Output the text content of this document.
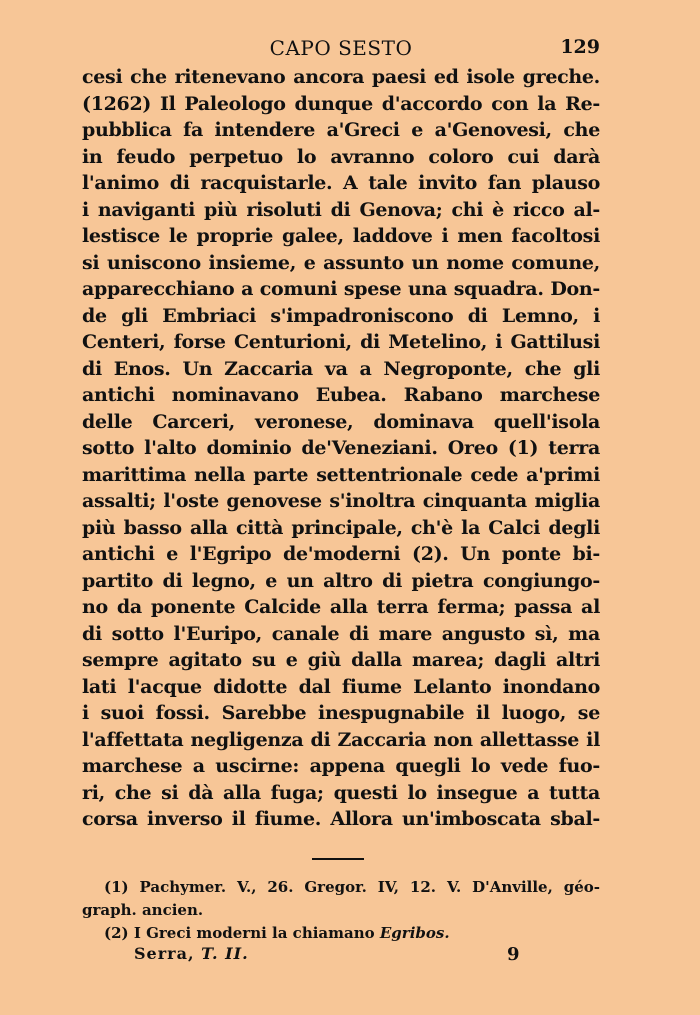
CAPO SESTO	129
cesi che ritenevano ancora paesi ed isole greche.
(1262) Il Paleologo dunque d'accordo con la Re-
pubblica fa intendere a'Greci e a'Genovesi, che
in feudo perpetuo lo avranno coloro cui darà
l'animo di racquistarle. A tale invito fan plauso
i naviganti più risoluti di Genova; chi è ricco al-
lestisce le proprie galee, laddove i men facoltosi
si uniscono insieme, e assunto un nome comune,
apparecchiano a comuni spese una squadra. Don-
de gli Embriaci s'impadroniscono di Lemno, i
Centeri, forse Centurioni, di Metelino, i Gattilusi
di Enos. Un Zaccaria va a Negroponte, che gli
antichi nominavano Eubea. Rabano marchese
delle Carceri, veronese, dominava quell'isola
sotto l'alto dominio de'Veneziani. Oreo (1) terra
marittima nella parte settentrionale cede a'primi
assalti; l'oste genovese s'inoltra cinquanta miglia
più basso alla città principale, ch'è la Calci degli
antichi e l'Egripo de'moderni (2). Un ponte bi-
partito di legno, e un altro di pietra congiungo-
no da ponente Calcide alla terra ferma; passa al
di sotto l'Euripo, canale di mare angusto sì, ma
sempre agitato su e giù dalla marea; dagli altri
lati l'acque didotte dal fiume Lelanto inondano
i suoi fossi. Sarebbe inespugnabile il luogo, se
l'affettata negligenza di Zaccaria non allettasse il
marchese a uscirne: appena quegli lo vede fuo-
ri, che si dà alla fuga; questi lo insegue a tutta
corsa inverso il fiume. Allora un'imboscata sbal-
(1) Pachymer. V., 26. Gregor. IV, 12. V. D'Anville, géo-
graph. ancien.
(2) I Greci moderni la chiamano Egribos.
Serra, T. II.	9
